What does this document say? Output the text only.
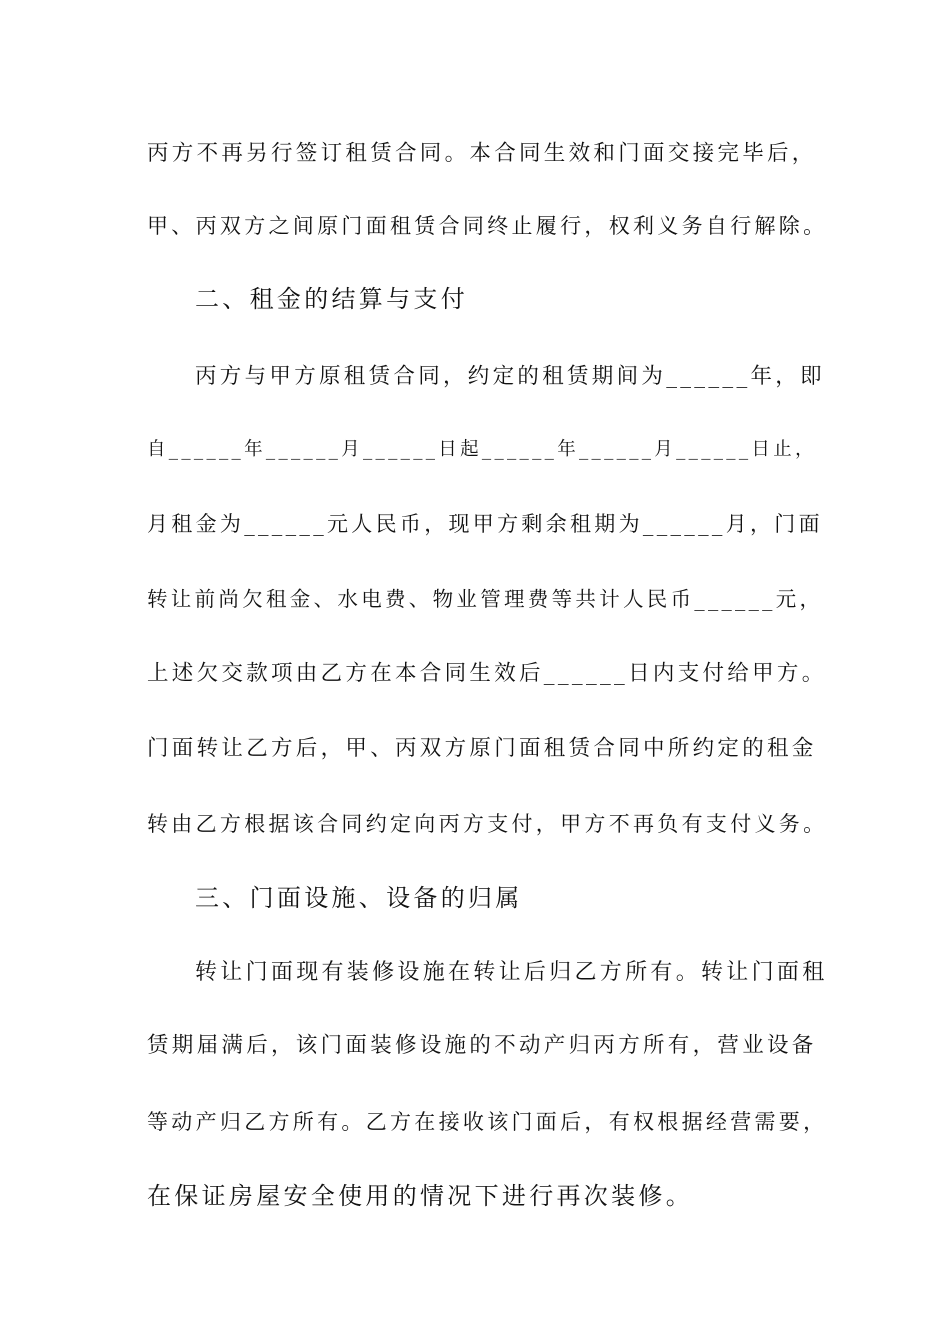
丙方不再另行签订租赁合同。本合同生效和门面交接完毕后，
甲、丙双方之间原门面租赁合同终止履行，权利义务自行解除。
二、租金的结算与支付
丙方与甲方原租赁合同，约定的租赁期间为______年，即
自______年______月______日起______年______月______日止，
月租金为______元人民币，现甲方剩余租期为______月，门面
转让前尚欠租金、水电费、物业管理费等共计人民币______元，
上述欠交款项由乙方在本合同生效后______日内支付给甲方。
门面转让乙方后，甲、丙双方原门面租赁合同中所约定的租金
转由乙方根据该合同约定向丙方支付，甲方不再负有支付义务。
三、门面设施、设备的归属
转让门面现有装修设施在转让后归乙方所有。转让门面租
赁期届满后，该门面装修设施的不动产归丙方所有，营业设备
等动产归乙方所有。乙方在接收该门面后，有权根据经营需要，
在保证房屋安全使用的情况下进行再次装修。
